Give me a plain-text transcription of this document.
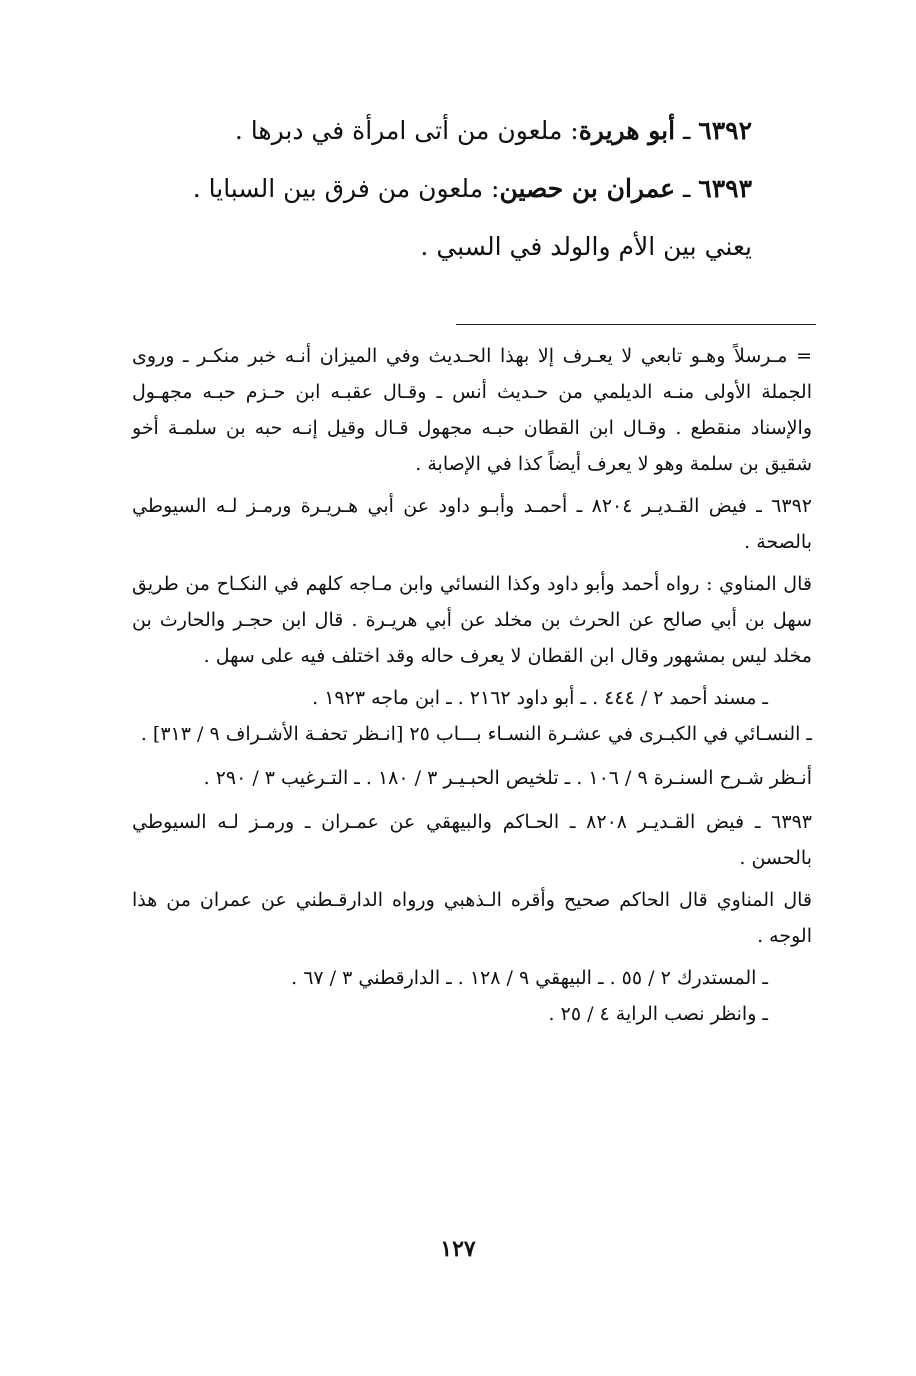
٦٣٩٢ ـ أبو هريرة: ملعون من أتى امرأة في دبرها .

٦٣٩٣ ـ عمران بن حصين: ملعون من فرق بين السبايا .

يعني بين الأم والولد في السبي .

= مـرسلاً وهـو تابعي لا يعـرف إلا بهذا الحـديث وفي الميزان أنـه خبر منكـر ـ وروى الجملة الأولى منـه الديلمي من حـديث أنس ـ وقـال عقبـه ابن حـزم حبـه مجهـول والإسناد منقطع . وقـال ابن القطان حبـه مجهول قـال وقيل إنـه حبه بن سلمـة أخو شقيق بن سلمة وهو لا يعرف أيضاً كذا في الإصابة .

٦٣٩٢ ـ فيض القـديـر ٨٢٠٤ ـ أحمـد وأبـو داود عن أبي هـريـرة ورمـز لـه السيوطي بالصحة .

قال المناوي : رواه أحمد وأبو داود وكذا النسائي وابن مـاجه كلهم في النكـاح من طريق سهل بن أبي صالح عن الحرث بن مخلد عن أبي هريـرة . قال ابن حجـر والحارث بن مخلد ليس بمشهور وقال ابن القطان لا يعرف حاله وقد اختلف فيه على سهل .

ـ مسند أحمد ٢ / ٤٤٤ . ـ أبو داود ٢١٦٢ . ـ ابن ماجه ١٩٢٣ .

ـ النسـائي في الكبـرى في عشـرة النسـاء بـــاب ٢٥ [انـظر تحفـة الأشـراف ٩ / ٣١٣] .

أنـظر شـرح السنـرة ٩ / ١٠٦ . ـ تلخيص الحبـيـر ٣ / ١٨٠ . ـ التـرغيب ٣ / ٢٩٠ .

٦٣٩٣ ـ فيض القـديـر ٨٢٠٨ ـ الحـاكم والبيهقي عن عمـران ـ ورمـز لـه السيوطي بالحسن .

قال المناوي قال الحاكم صحيح وأقره الـذهبي ورواه الدارقـطني عن عمران من هذا الوجه .

ـ المستدرك ٢ / ٥٥ . ـ البيهقي ٩ / ١٢٨ . ـ الدارقطني ٣ / ٦٧ .

ـ وانظر نصب الراية ٤ / ٢٥ .

١٢٧
